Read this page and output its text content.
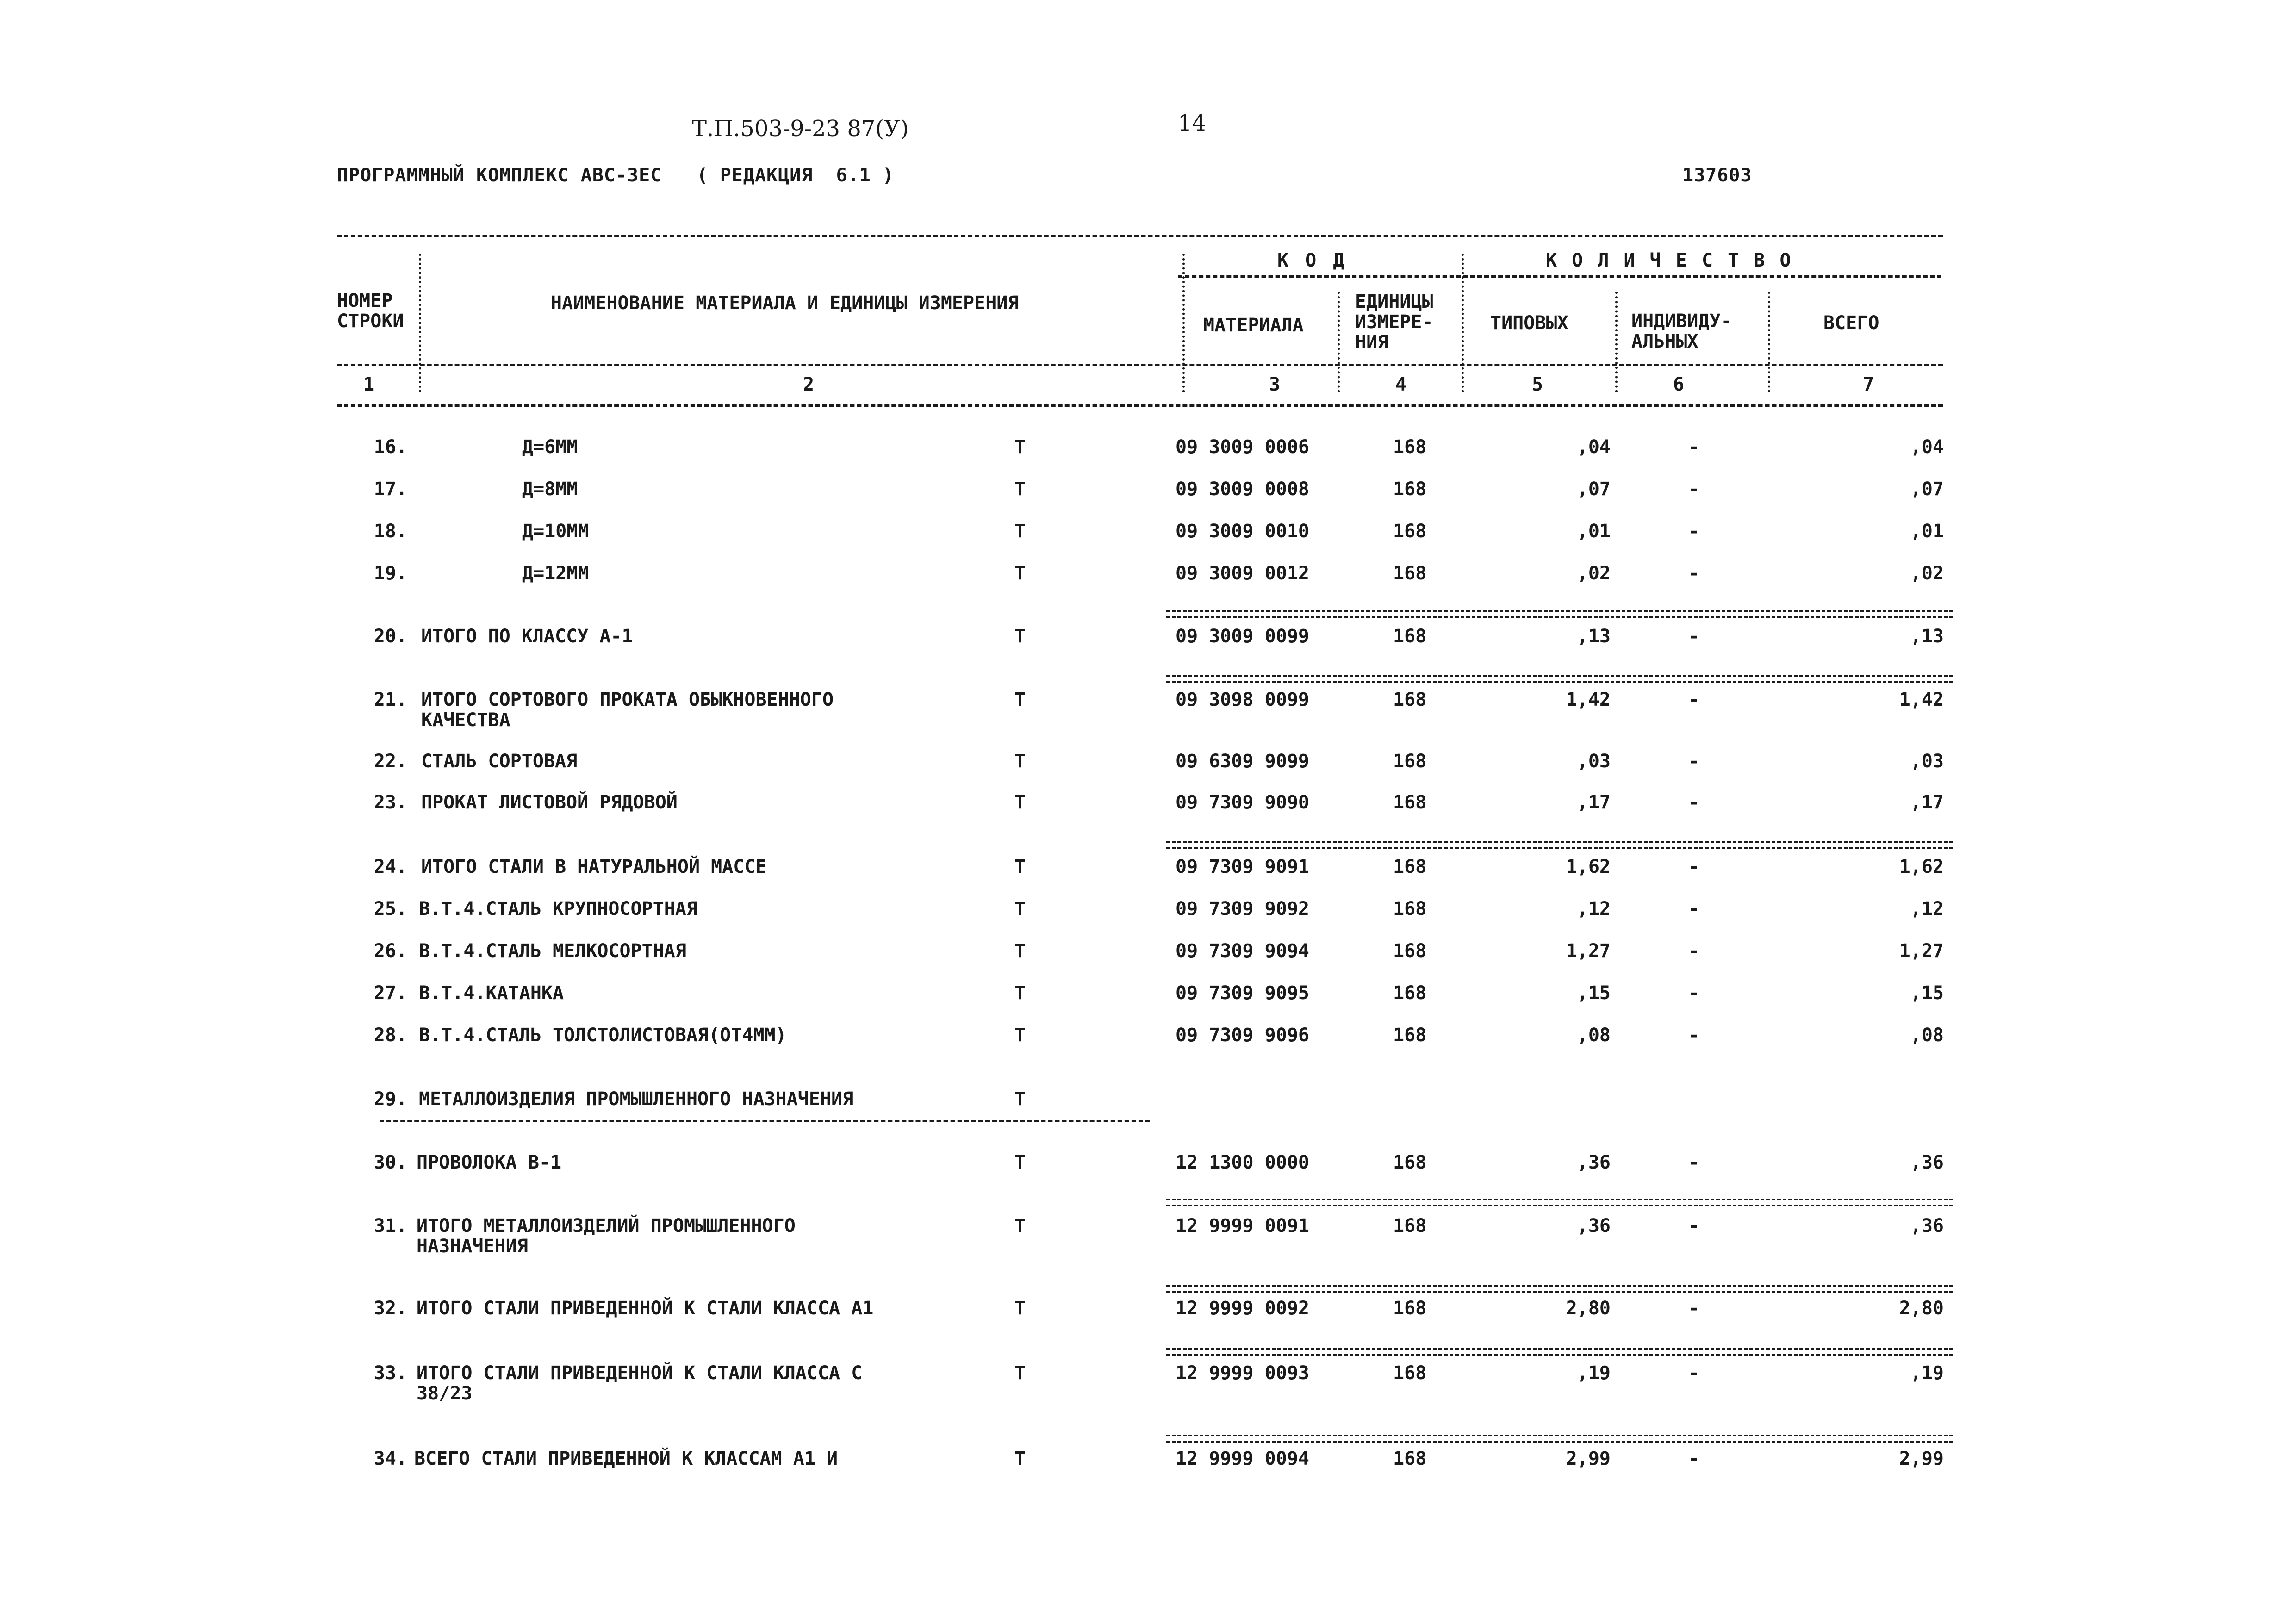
Т.П.503-9-23 87(У)	14
ПРОГРАММНЫЙ КОМПЛЕКС АВС-3ЕС   ( РЕДАКЦИЯ  6.1 )	137603
НОМЕР
СТРОКИ
НАИМЕНОВАНИЕ МАТЕРИАЛА И ЕДИНИЦЫ ИЗМЕРЕНИЯ
К О Д	К О Л И Ч Е С Т В О
МАТЕРИАЛА
ЕДИНИЦЫ
ИЗМЕРЕ-
НИЯ
ТИПОВЫХ	ИНДИВИДУ-
АЛЬНЫХ
ВСЕГО
1	2	3	4	5	6	7
16.	Д=6ММ	Т	09 3009 0006	168	,04	-	,04
17.	Д=8ММ	Т	09 3009 0008	168	,07	-	,07
18.	Д=10ММ	Т	09 3009 0010	168	,01	-	,01
19.	Д=12ММ	Т	09 3009 0012	168	,02	-	,02
20. ИТОГО ПО КЛАССУ А-1	Т	09 3009 0099	168	,13	-	,13
21. ИТОГО СОРТОВОГО ПРОКАТА ОБЫКНОВЕННОГО
КАЧЕСТВА
Т	09 3098 0099	168	1,42	-	1,42
22. СТАЛЬ СОРТОВАЯ	Т	09 6309 9099	168	,03	-	,03
23. ПРОКАТ ЛИСТОВОЙ РЯДОВОЙ	Т	09 7309 9090	168	,17	-	,17
24. ИТОГО СТАЛИ В НАТУРАЛЬНОЙ МАССЕ	Т	09 7309 9091	168	1,62	-	1,62
25. В.Т.4.СТАЛЬ КРУПНОСОРТНАЯ	Т	09 7309 9092	168	,12	-	,12
26. В.Т.4.СТАЛЬ МЕЛКОСОРТНАЯ	Т	09 7309 9094	168	1,27	-	1,27
27. В.Т.4.КАТАНКА	Т	09 7309 9095	168	,15	-	,15
28. В.Т.4.СТАЛЬ ТОЛСТОЛИСТОВАЯ(ОТ4ММ)	Т	09 7309 9096	168	,08	-	,08
29. МЕТАЛЛОИЗДЕЛИЯ ПРОМЫШЛЕННОГО НАЗНАЧЕНИЯ	Т
30. ПРОВОЛОКА В-1	Т	12 1300 0000	168	,36	-	,36
31. ИТОГО МЕТАЛЛОИЗДЕЛИЙ ПРОМЫШЛЕННОГО
НАЗНАЧЕНИЯ
Т	12 9999 0091	168	,36	-	,36
32. ИТОГО СТАЛИ ПРИВЕДЕННОЙ К СТАЛИ КЛАССА А1	Т	12 9999 0092	168	2,80	-	2,80
33. ИТОГО СТАЛИ ПРИВЕДЕННОЙ К СТАЛИ КЛАССА С
38/23
Т	12 9999 0093	168	,19	-	,19
34. ВСЕГО СТАЛИ ПРИВЕДЕННОЙ К КЛАССАМ А1 И	Т	12 9999 0094	168	2,99	-	2,99
